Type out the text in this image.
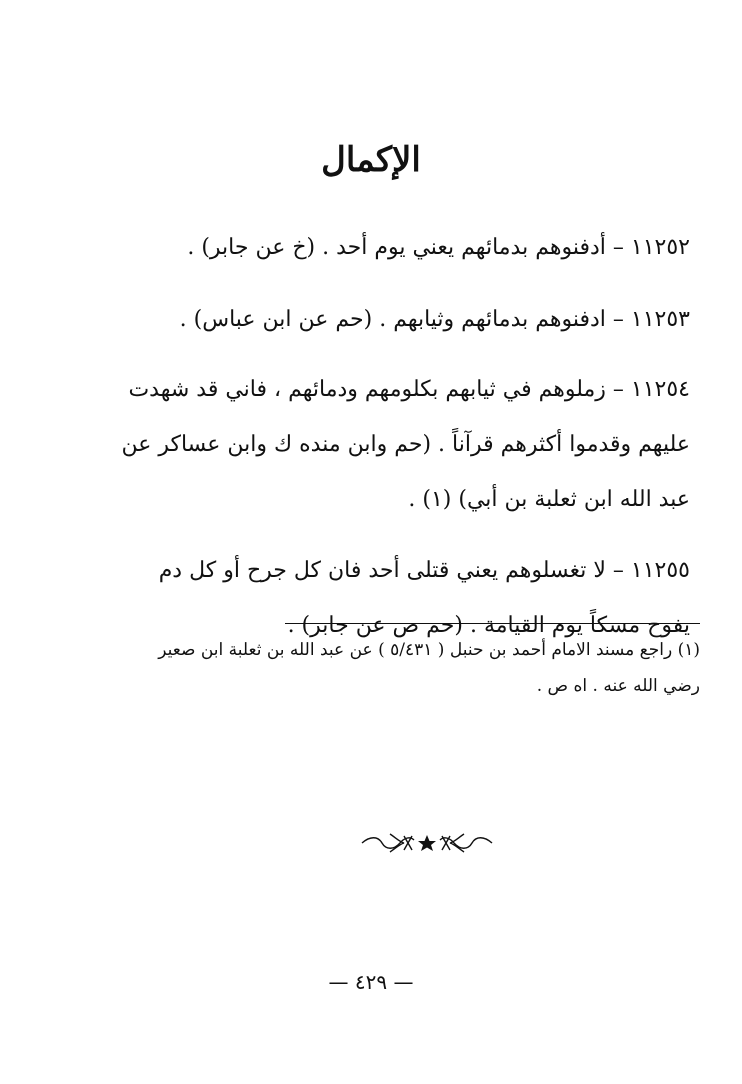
الإكمال

١١٢٥٢ – أدفنوهم بدمائهم يعني يوم أحد . (خ عن جابر) .

١١٢٥٣ – ادفنوهم بدمائهم وثيابهم . (حم عن ابن عباس) .

١١٢٥٤ – زملوهم في ثيابهم بكلومهم ودمائهم ، فاني قد شهدت عليهم وقدموا أكثرهم قرآناً . (حم وابن منده ك وابن عساكر عن عبد الله ابن ثعلبة بن أبي) (١) .

١١٢٥٥ – لا تغسلوهم يعني قتلى أحد فان كل جرح أو كل دم يفوح مسكاً يوم القيامة . (حم ص عن جابر) .

(١) راجع مسند الامام أحمد بن حنبل ( ٥/٤٣١ ) عن عبد الله بن ثعلبة ابن صعير رضي الله عنه . اه ص .
— ٤٢٩ —
